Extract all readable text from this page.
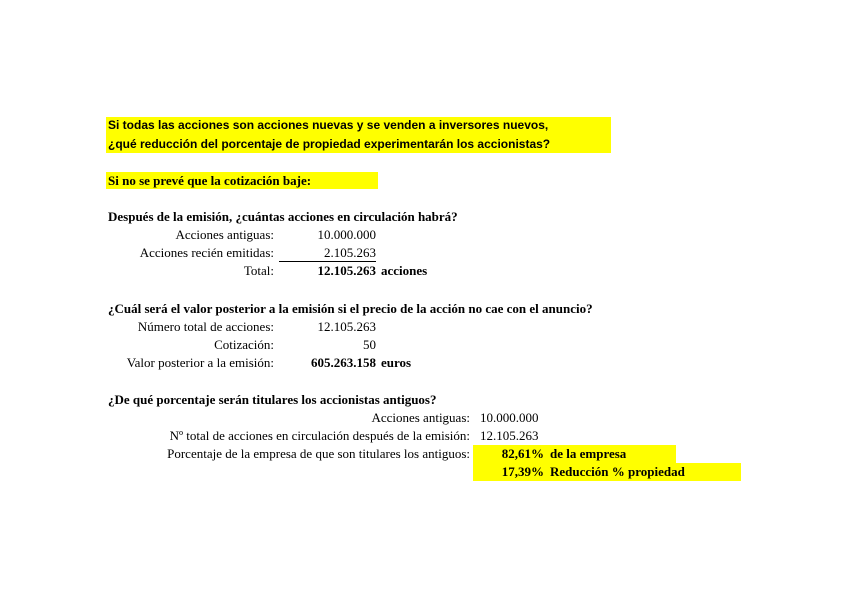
Si todas las acciones son acciones nuevas y se venden a inversores nuevos,
¿qué reducción del porcentaje de propiedad experimentarán los accionistas?
Si no se prevé que la cotización baje:
Después de la emisión, ¿cuántas acciones en circulación habrá?
Acciones antiguas:	10.000.000
Acciones recién emitidas:	2.105.263
Total:	12.105.263 acciones
¿Cuál será el valor posterior a la emisión si el precio de la acción no cae con el anuncio?
Número total de acciones:	12.105.263
Cotización:	50
Valor posterior a la emisión:	605.263.158 euros
¿De qué porcentaje serán titulares los accionistas antiguos?
Acciones antiguas: 10.000.000
Nº total de acciones en circulación después de la emisión: 12.105.263
Porcentaje de la empresa de que son titulares los antiguos:	82,61% de la empresa
17,39% Reducción % propiedad
